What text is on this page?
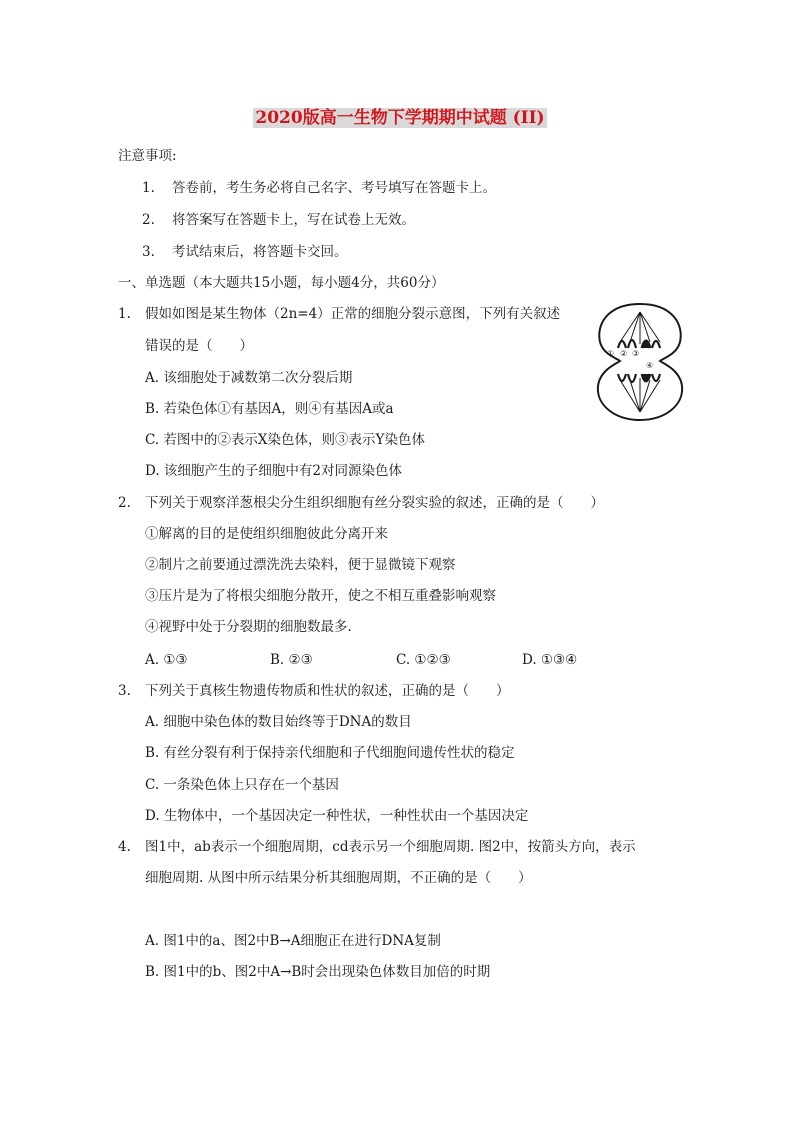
2020版高一生物下学期期中试题 (II)
注意事项:
1. 答卷前，考生务必将自己名字、考号填写在答题卡上。
2. 将答案写在答题卡上，写在试卷上无效。
3. 考试结束后，将答题卡交回。
一、单选题（本大题共15小题，每小题4分，共60分）
1. 假如如图是某生物体（2n=4）正常的细胞分裂示意图，下列有关叙述
错误的是（　　）
A. 该细胞处于减数第二次分裂后期
B. 若染色体①有基因A，则④有基因A或a
C. 若图中的②表示X染色体，则③表示Y染色体
D. 该细胞产生的子细胞中有2对同源染色体
① ② ③
④
2. 下列关于观察洋葱根尖分生组织细胞有丝分裂实验的叙述，正确的是（　　）
①解离的目的是使组织细胞彼此分离开来
②制片之前要通过漂洗洗去染料，便于显微镜下观察
③压片是为了将根尖细胞分散开，使之不相互重叠影响观察
④视野中处于分裂期的细胞数最多.
A. ①③	B. ②③	C. ①②③	D. ①③④
3. 下列关于真核生物遗传物质和性状的叙述，正确的是（　　）
A. 细胞中染色体的数目始终等于DNA的数目
B. 有丝分裂有利于保持亲代细胞和子代细胞间遗传性状的稳定
C. 一条染色体上只存在一个基因
D. 生物体中，一个基因决定一种性状，一种性状由一个基因决定
4. 图1中，ab表示一个细胞周期，cd表示另一个细胞周期. 图2中，按箭头方向，表示
细胞周期. 从图中所示结果分析其细胞周期，不正确的是（　　）
A. 图1中的a、图2中B→A细胞正在进行DNA复制
B. 图1中的b、图2中A→B时会出现染色体数目加倍的时期
